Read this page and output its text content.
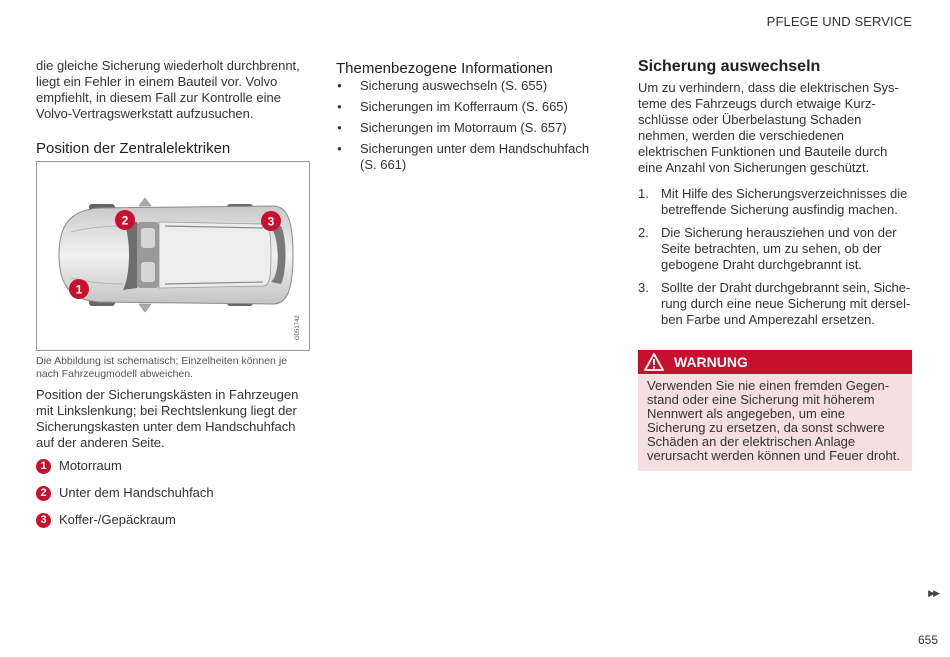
PFLEGE UND SERVICE

die gleiche Sicherung wiederholt durchbrennt, liegt ein Fehler in einem Bauteil vor. Volvo empfiehlt, in diesem Fall zur Kontrolle eine Volvo-Vertragswerkstatt aufzusuchen.

Position der Zentralelektriken
1
2	3
G051742
Die Abbildung ist schematisch; Einzelheiten können je nach Fahrzeugmodell abweichen.

Position der Sicherungskästen in Fahrzeugen mit Linkslenkung; bei Rechtslenkung liegt der Sicherungskasten unter dem Handschuhfach auf der anderen Seite.

1 Motorraum
2 Unter dem Handschuhfach
3 Koffer-/Gepäckraum
Themenbezogene Informationen
● Sicherung auswechseln (S. 655)
● Sicherungen im Kofferraum (S. 665)
● Sicherungen im Motorraum (S. 657)
● Sicherungen unter dem Handschuhfach (S. 661)
Sicherung auswechseln

Um zu verhindern, dass die elektrischen Systeme des Fahrzeugs durch etwaige Kurzschlüsse oder Überbelastung Schaden nehmen, werden die verschiedenen elektrischen Funktionen und Bauteile durch eine Anzahl von Sicherungen geschützt.

1. Mit Hilfe des Sicherungsverzeichnisses die betreffende Sicherung ausfindig machen.
2. Die Sicherung herausziehen und von der Seite betrachten, um zu sehen, ob der gebogene Draht durchgebrannt ist.
3. Sollte der Draht durchgebrannt sein, Sicherung durch eine neue Sicherung mit derselben Farbe und Amperezahl ersetzen.
WARNUNG
Verwenden Sie nie einen fremden Gegenstand oder eine Sicherung mit höherem Nennwert als angegeben, um eine Sicherung zu ersetzen, da sonst schwere Schäden an der elektrischen Anlage verursacht werden können und Feuer droht.
▶▶
655
